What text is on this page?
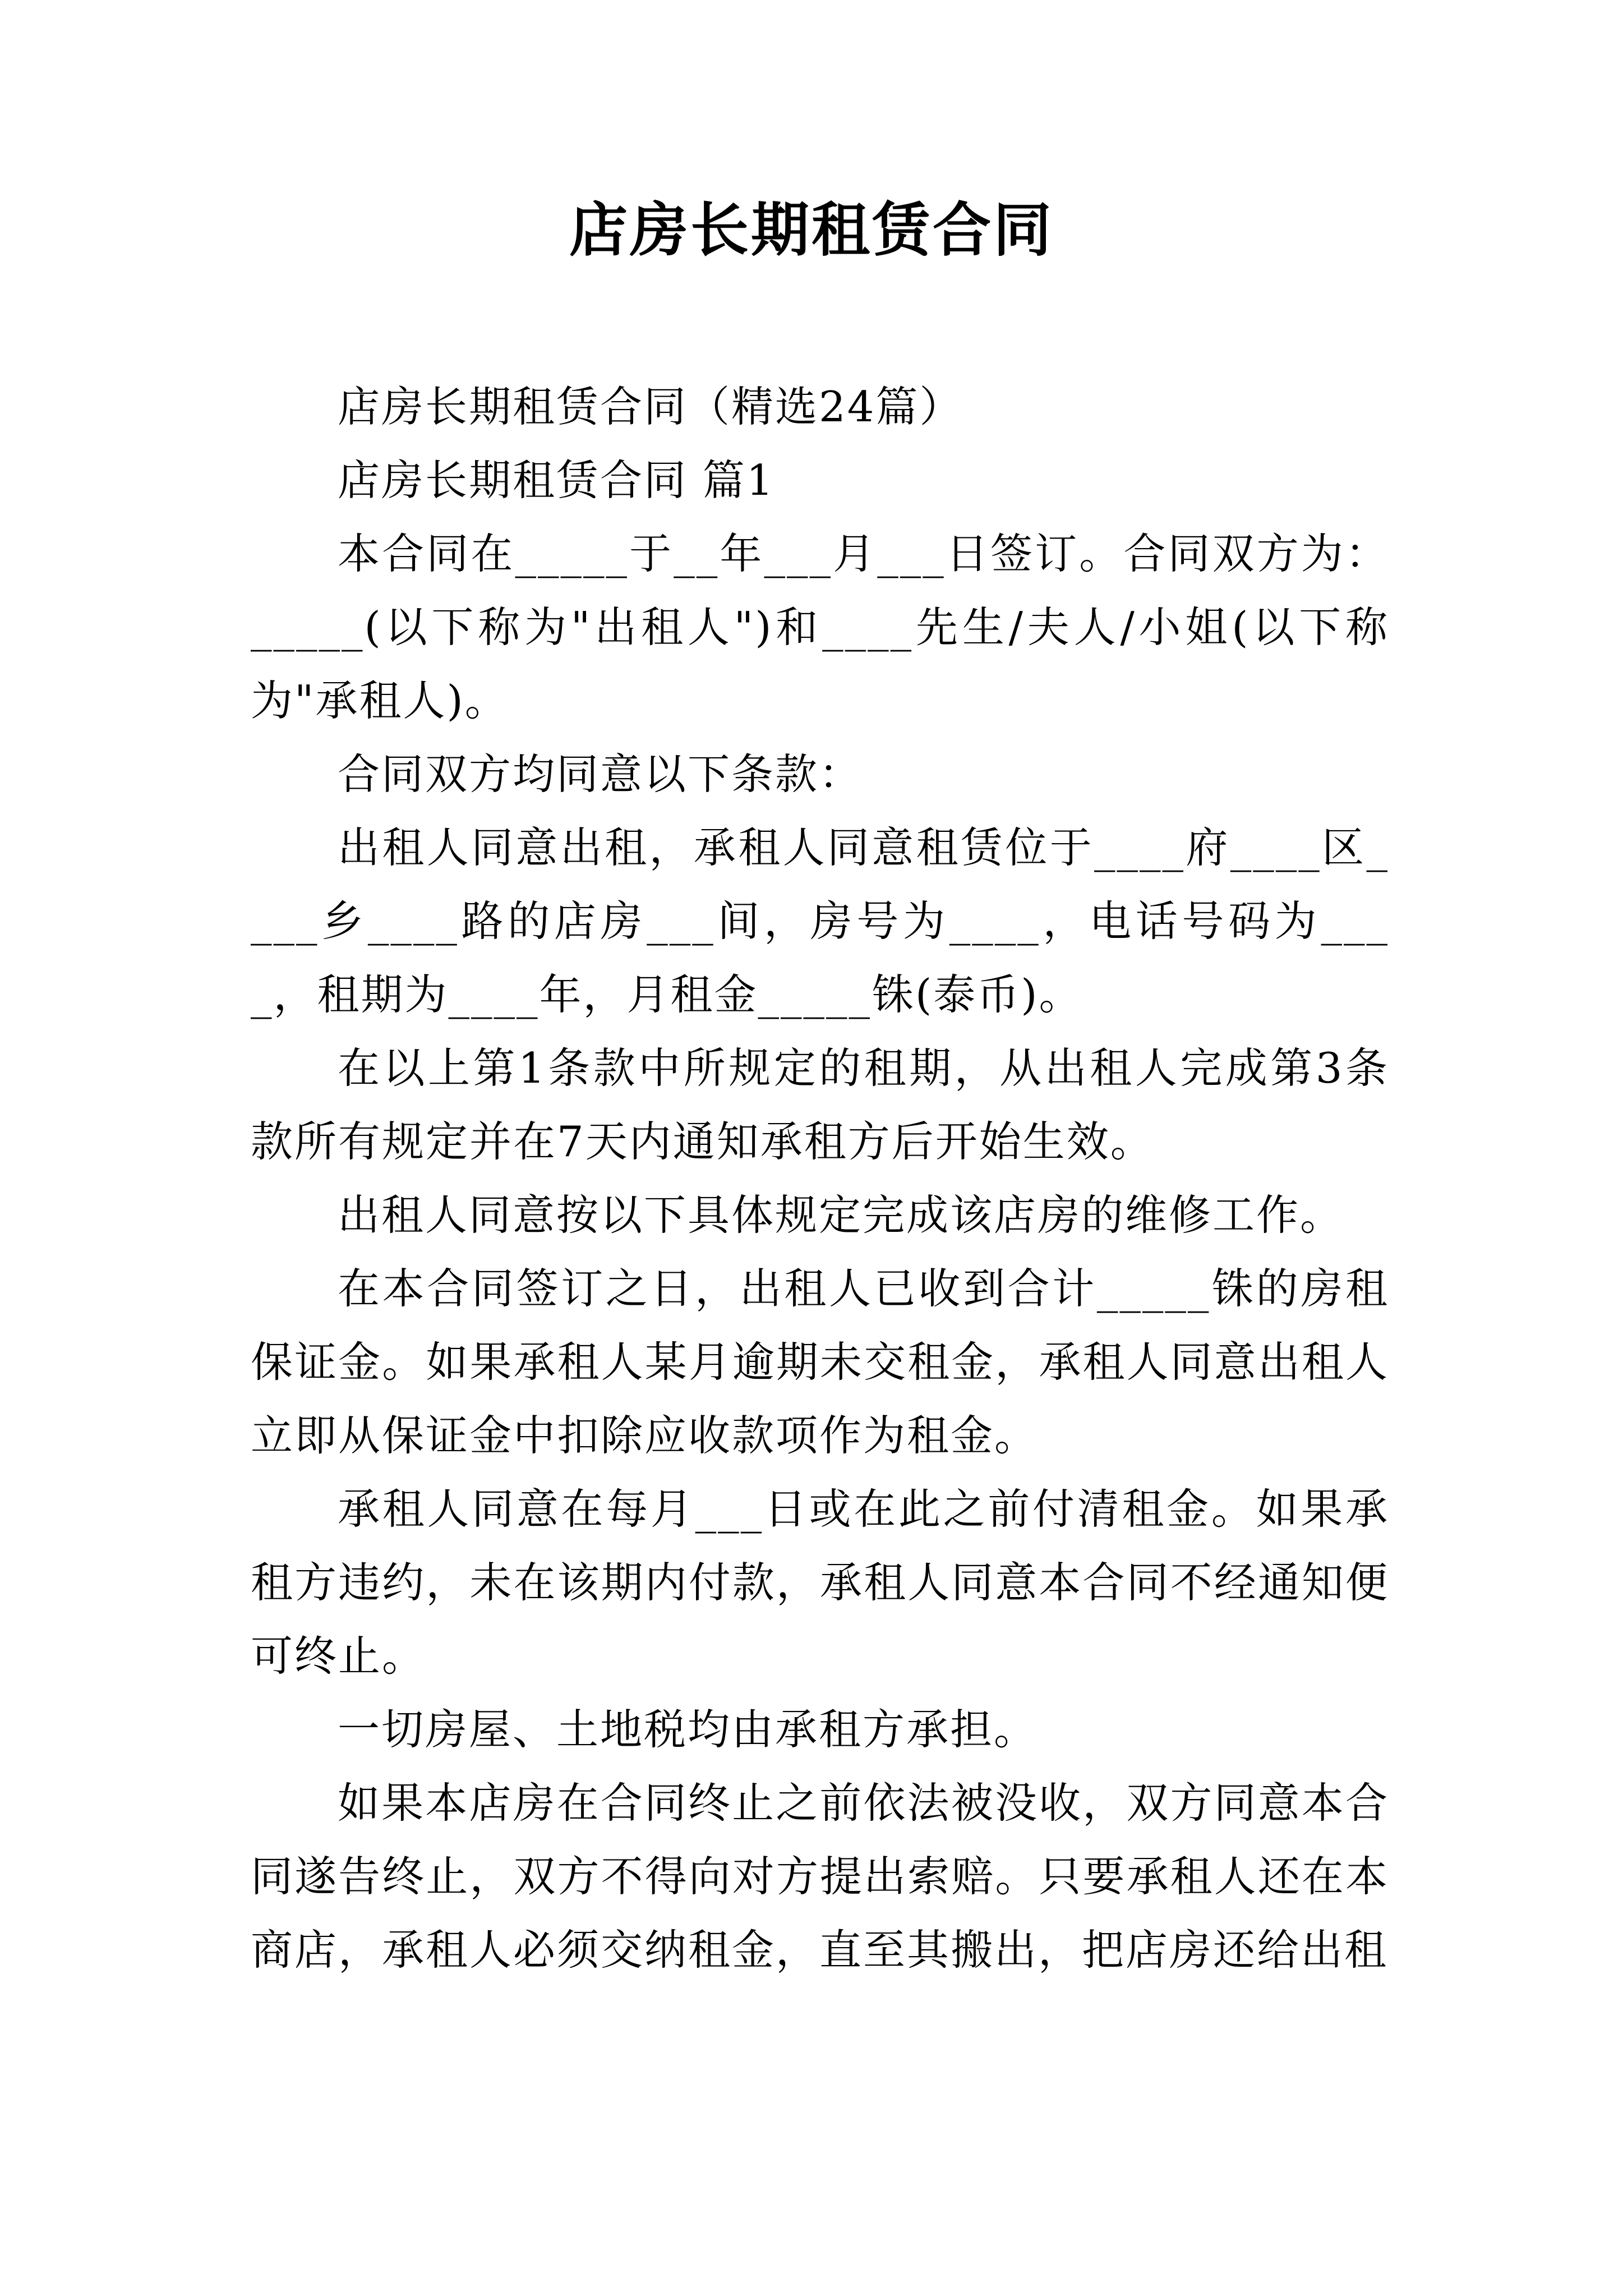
店房长期租赁合同

店房长期租赁合同（精选24篇）

店房长期租赁合同 篇1

本合同在_____于__年___月___日签订。合同双方为：_____(以下称为"出租人")和____先生/夫人/小姐(以下称为"承租人)。

合同双方均同意以下条款：

出租人同意出租，承租人同意租赁位于____府____区____乡____路的店房___间，房号为____，电话号码为____，租期为____年，月租金_____铢(泰币)。

在以上第1条款中所规定的租期，从出租人完成第3条款所有规定并在7天内通知承租方后开始生效。

出租人同意按以下具体规定完成该店房的维修工作。

在本合同签订之日，出租人已收到合计_____铢的房租保证金。如果承租人某月逾期未交租金，承租人同意出租人立即从保证金中扣除应收款项作为租金。

承租人同意在每月___日或在此之前付清租金。如果承租方违约，未在该期内付款，承租人同意本合同不经通知便可终止。

一切房屋、土地税均由承租方承担。

如果本店房在合同终止之前依法被没收，双方同意本合同遂告终止，双方不得向对方提出索赔。只要承租人还在本商店，承租人必须交纳租金，直至其搬出，把店房还给出租
